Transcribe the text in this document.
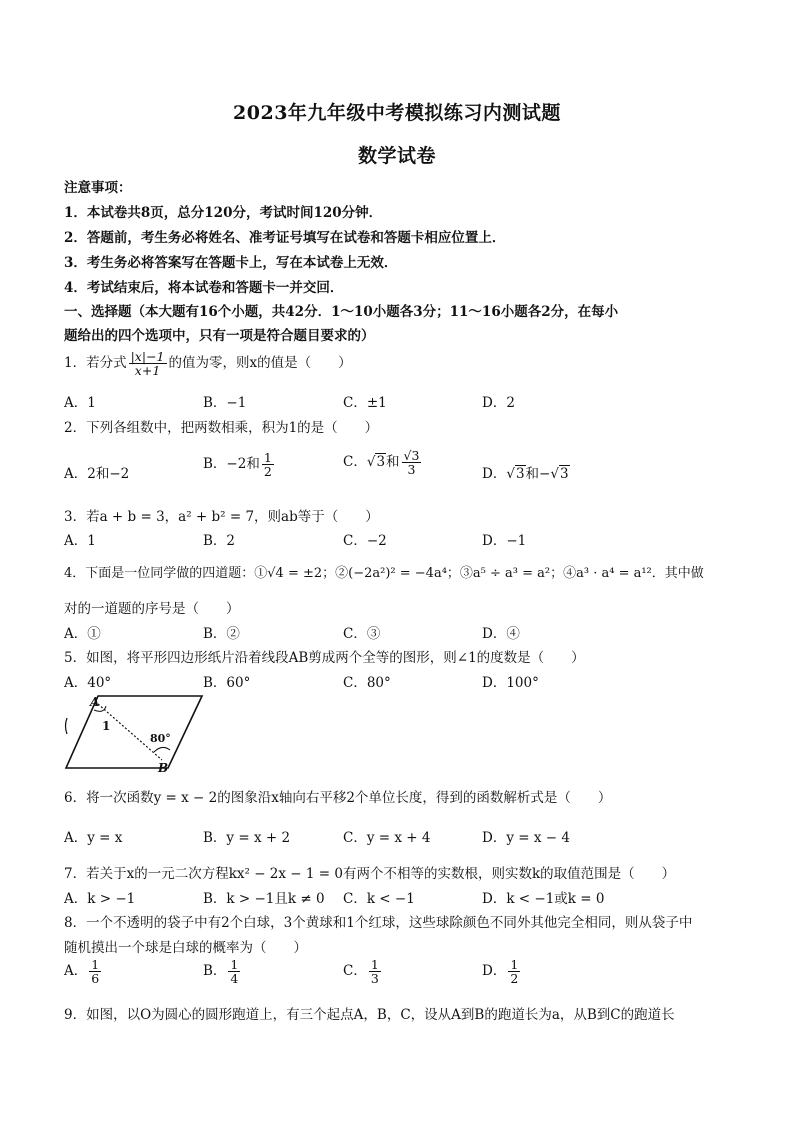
2023年九年级中考模拟练习内测试题
数学试卷
注意事项：
1．本试卷共8页，总分120分，考试时间120分钟．
2．答题前，考生务必将姓名、准考证号填写在试卷和答题卡相应位置上．
3．考生务必将答案写在答题卡上，写在本试卷上无效．
4．考试结束后，将本试卷和答题卡一并交回．
一、选择题（本大题有16个小题，共42分．1～10小题各3分；11～16小题各2分，在每小
题给出的四个选项中，只有一项是符合题目要求的）
1．若分式 $\frac{|x|-1}{x+1}$ 的值为零，则x的值是（　　）
A．1	B．−1	C．±1	D．2
2．下列各组数中，把两数相乘，积为1的是（　　）
A．2和−2
B．−2和 $\frac{1}{2}$	C．√3和 $\frac{√3}{3}$	D．√3和−√3
3．若a + b = 3，a² + b² = 7，则ab等于（　　）
A．1	B．2	C．−2	D．−1
4．下面是一位同学做的四道题：①√4 = ±2；②(−2a²)² = −4a⁴；③a⁵ ÷ a³ = a²；④a³ · a⁴ = a¹²．其中做
对的一道题的序号是（　　）
A．①	B．②	C．③	D．④
5．如图，将平形四边形纸片沿着线段AB剪成两个全等的图形，则∠1的度数是（　　）
A．40°	B．60°	C．80°	D．100°
A
1
80°
B
6．将一次函数y = x − 2的图象沿x轴向右平移2个单位长度，得到的函数解析式是（　　）
A．y = x	B．y = x + 2	C．y = x + 4	D．y = x − 4
7．若关于x的一元二次方程kx² − 2x − 1 = 0有两个不相等的实数根，则实数k的取值范围是（　　）
A．k > −1	B．k > −1且k ≠ 0 C．k < −1	D．k < −1或k = 0
8．一个不透明的袋子中有2个白球，3个黄球和1个红球，这些球除颜色不同外其他完全相同，则从袋子中
随机摸出一个球是白球的概率为（　　）
A． $\frac{1}{6}$	B． $\frac{1}{4}$	C． $\frac{1}{3}$	D． $\frac{1}{2}$
9．如图，以O为圆心的圆形跑道上，有三个起点A，B，C，设从A到B的跑道长为a，从B到C的跑道长
